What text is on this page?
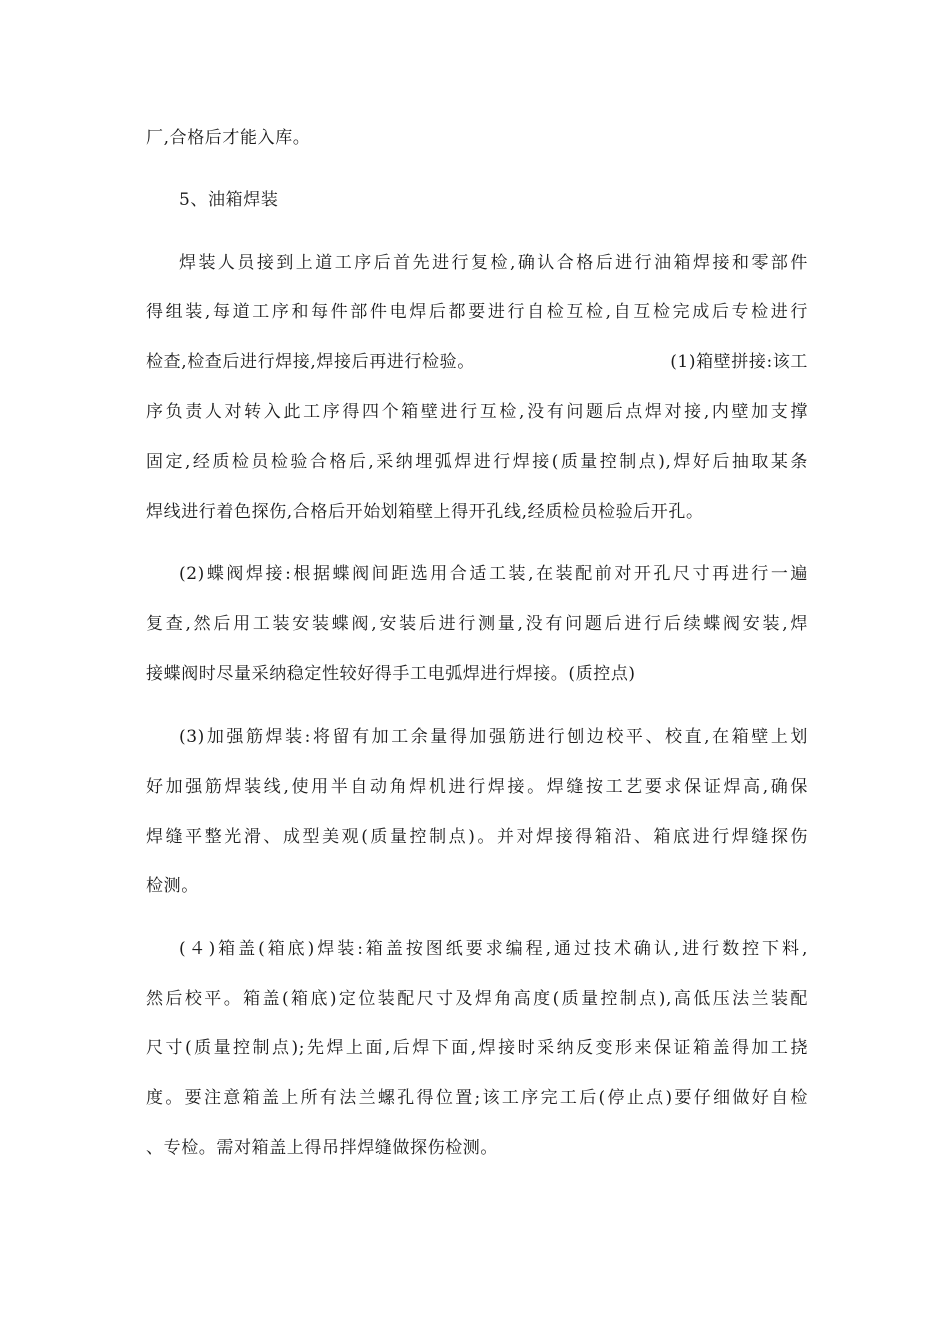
厂,合格后才能入库。
5、油箱焊装
焊装人员接到上道工序后首先进行复检,确认合格后进行油箱焊接和零部件
得组装,每道工序和每件部件电焊后都要进行自检互检,自互检完成后专检进行
检查,检查后进行焊接,焊接后再进行检验。	(1)箱壁拼接:该工
序负责人对转入此工序得四个箱壁进行互检,没有问题后点焊对接,内壁加支撑
固定,经质检员检验合格后,采纳埋弧焊进行焊接(质量控制点),焊好后抽取某条
焊线进行着色探伤,合格后开始划箱壁上得开孔线,经质检员检验后开孔。
(2)蝶阀焊接:根据蝶阀间距选用合适工装,在装配前对开孔尺寸再进行一遍
复查,然后用工装安装蝶阀,安装后进行测量,没有问题后进行后续蝶阀安装,焊
接蝶阀时尽量采纳稳定性较好得手工电弧焊进行焊接。(质控点)
(3)加强筋焊装:将留有加工余量得加强筋进行刨边校平、校直,在箱壁上划
好加强筋焊装线,使用半自动角焊机进行焊接。焊缝按工艺要求保证焊高,确保
焊缝平整光滑、成型美观(质量控制点)。并对焊接得箱沿、箱底进行焊缝探伤
检测。
(４)箱盖(箱底)焊装:箱盖按图纸要求编程,通过技术确认,进行数控下料,
然后校平。箱盖(箱底)定位装配尺寸及焊角高度(质量控制点),高低压法兰装配
尺寸(质量控制点);先焊上面,后焊下面,焊接时采纳反变形来保证箱盖得加工挠
度。要注意箱盖上所有法兰螺孔得位置;该工序完工后(停止点)要仔细做好自检
、专检。需对箱盖上得吊拌焊缝做探伤检测。
